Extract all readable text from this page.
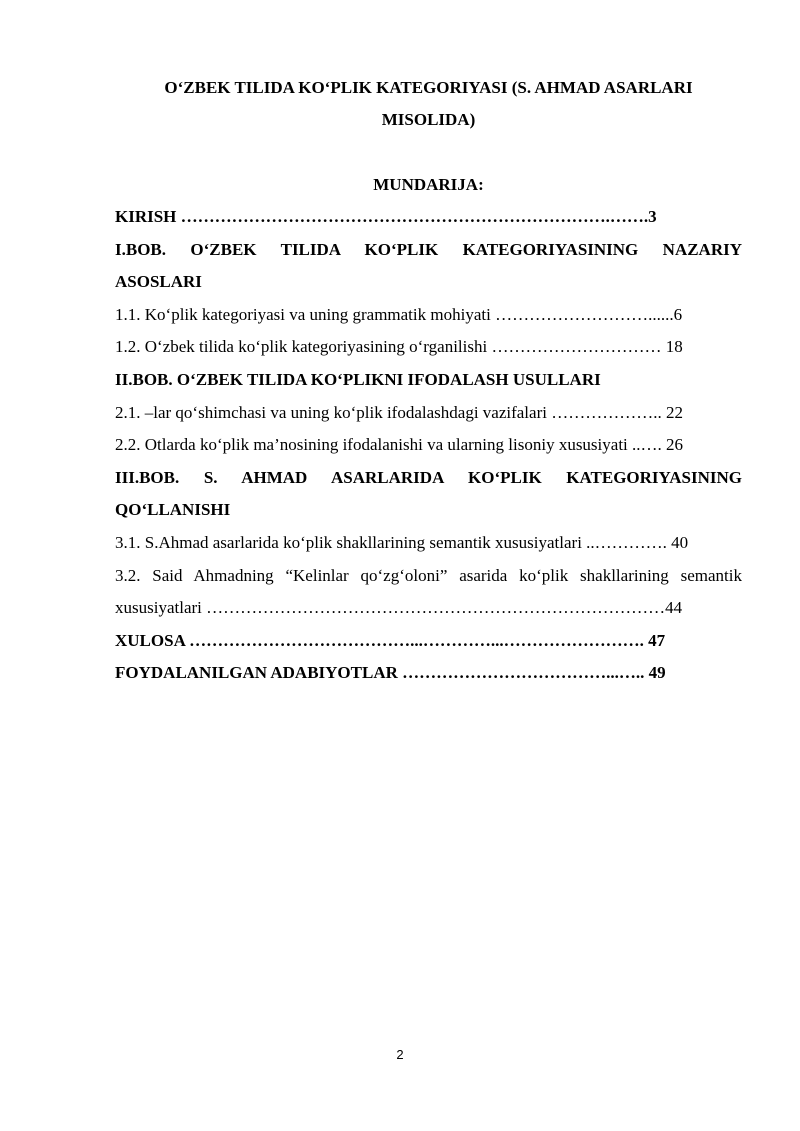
O‘ZBEK TILIDA KO‘PLIK KATEGORIYASI (S. AHMAD ASARLARI
MISOLIDA)
MUNDARIJA:
KIRISH ………………………………………………………………….…….3
I.BOB. O‘ZBEK TILIDA KO‘PLIK KATEGORIYASINING NAZARIY
ASOSLARI
1.1. Ko‘plik kategoriyasi va uning grammatik mohiyati ………………………......6
1.2. O‘zbek tilida ko‘plik kategoriyasining o‘rganilishi ………………………… 18
II.BOB. O‘ZBEK TILIDA KO‘PLIKNI IFODALASH USULLARI
2.1. –lar qo‘shimchasi va uning ko‘plik ifodalashdagi vazifalari ……………….. 22
2.2. Otlarda ko‘plik ma’nosining ifodalanishi va ularning lisoniy xususiyati ..…. 26
III.BOB. S. AHMAD ASARLARIDA KO‘PLIK KATEGORIYASINING
QO‘LLANISHI
3.1. S.Ahmad asarlarida ko‘plik shakllarining semantik xususiyatlari ..…………. 40
3.2. Said Ahmadning “Kelinlar qo‘zg‘oloni” asarida ko‘plik shakllarining semantik
xususiyatlari ………………………………………………………………………44
XULOSA …………………………………...…………...……………………. 47
FOYDALANILGAN ADABIYOTLAR ………………………………...….. 49
2
